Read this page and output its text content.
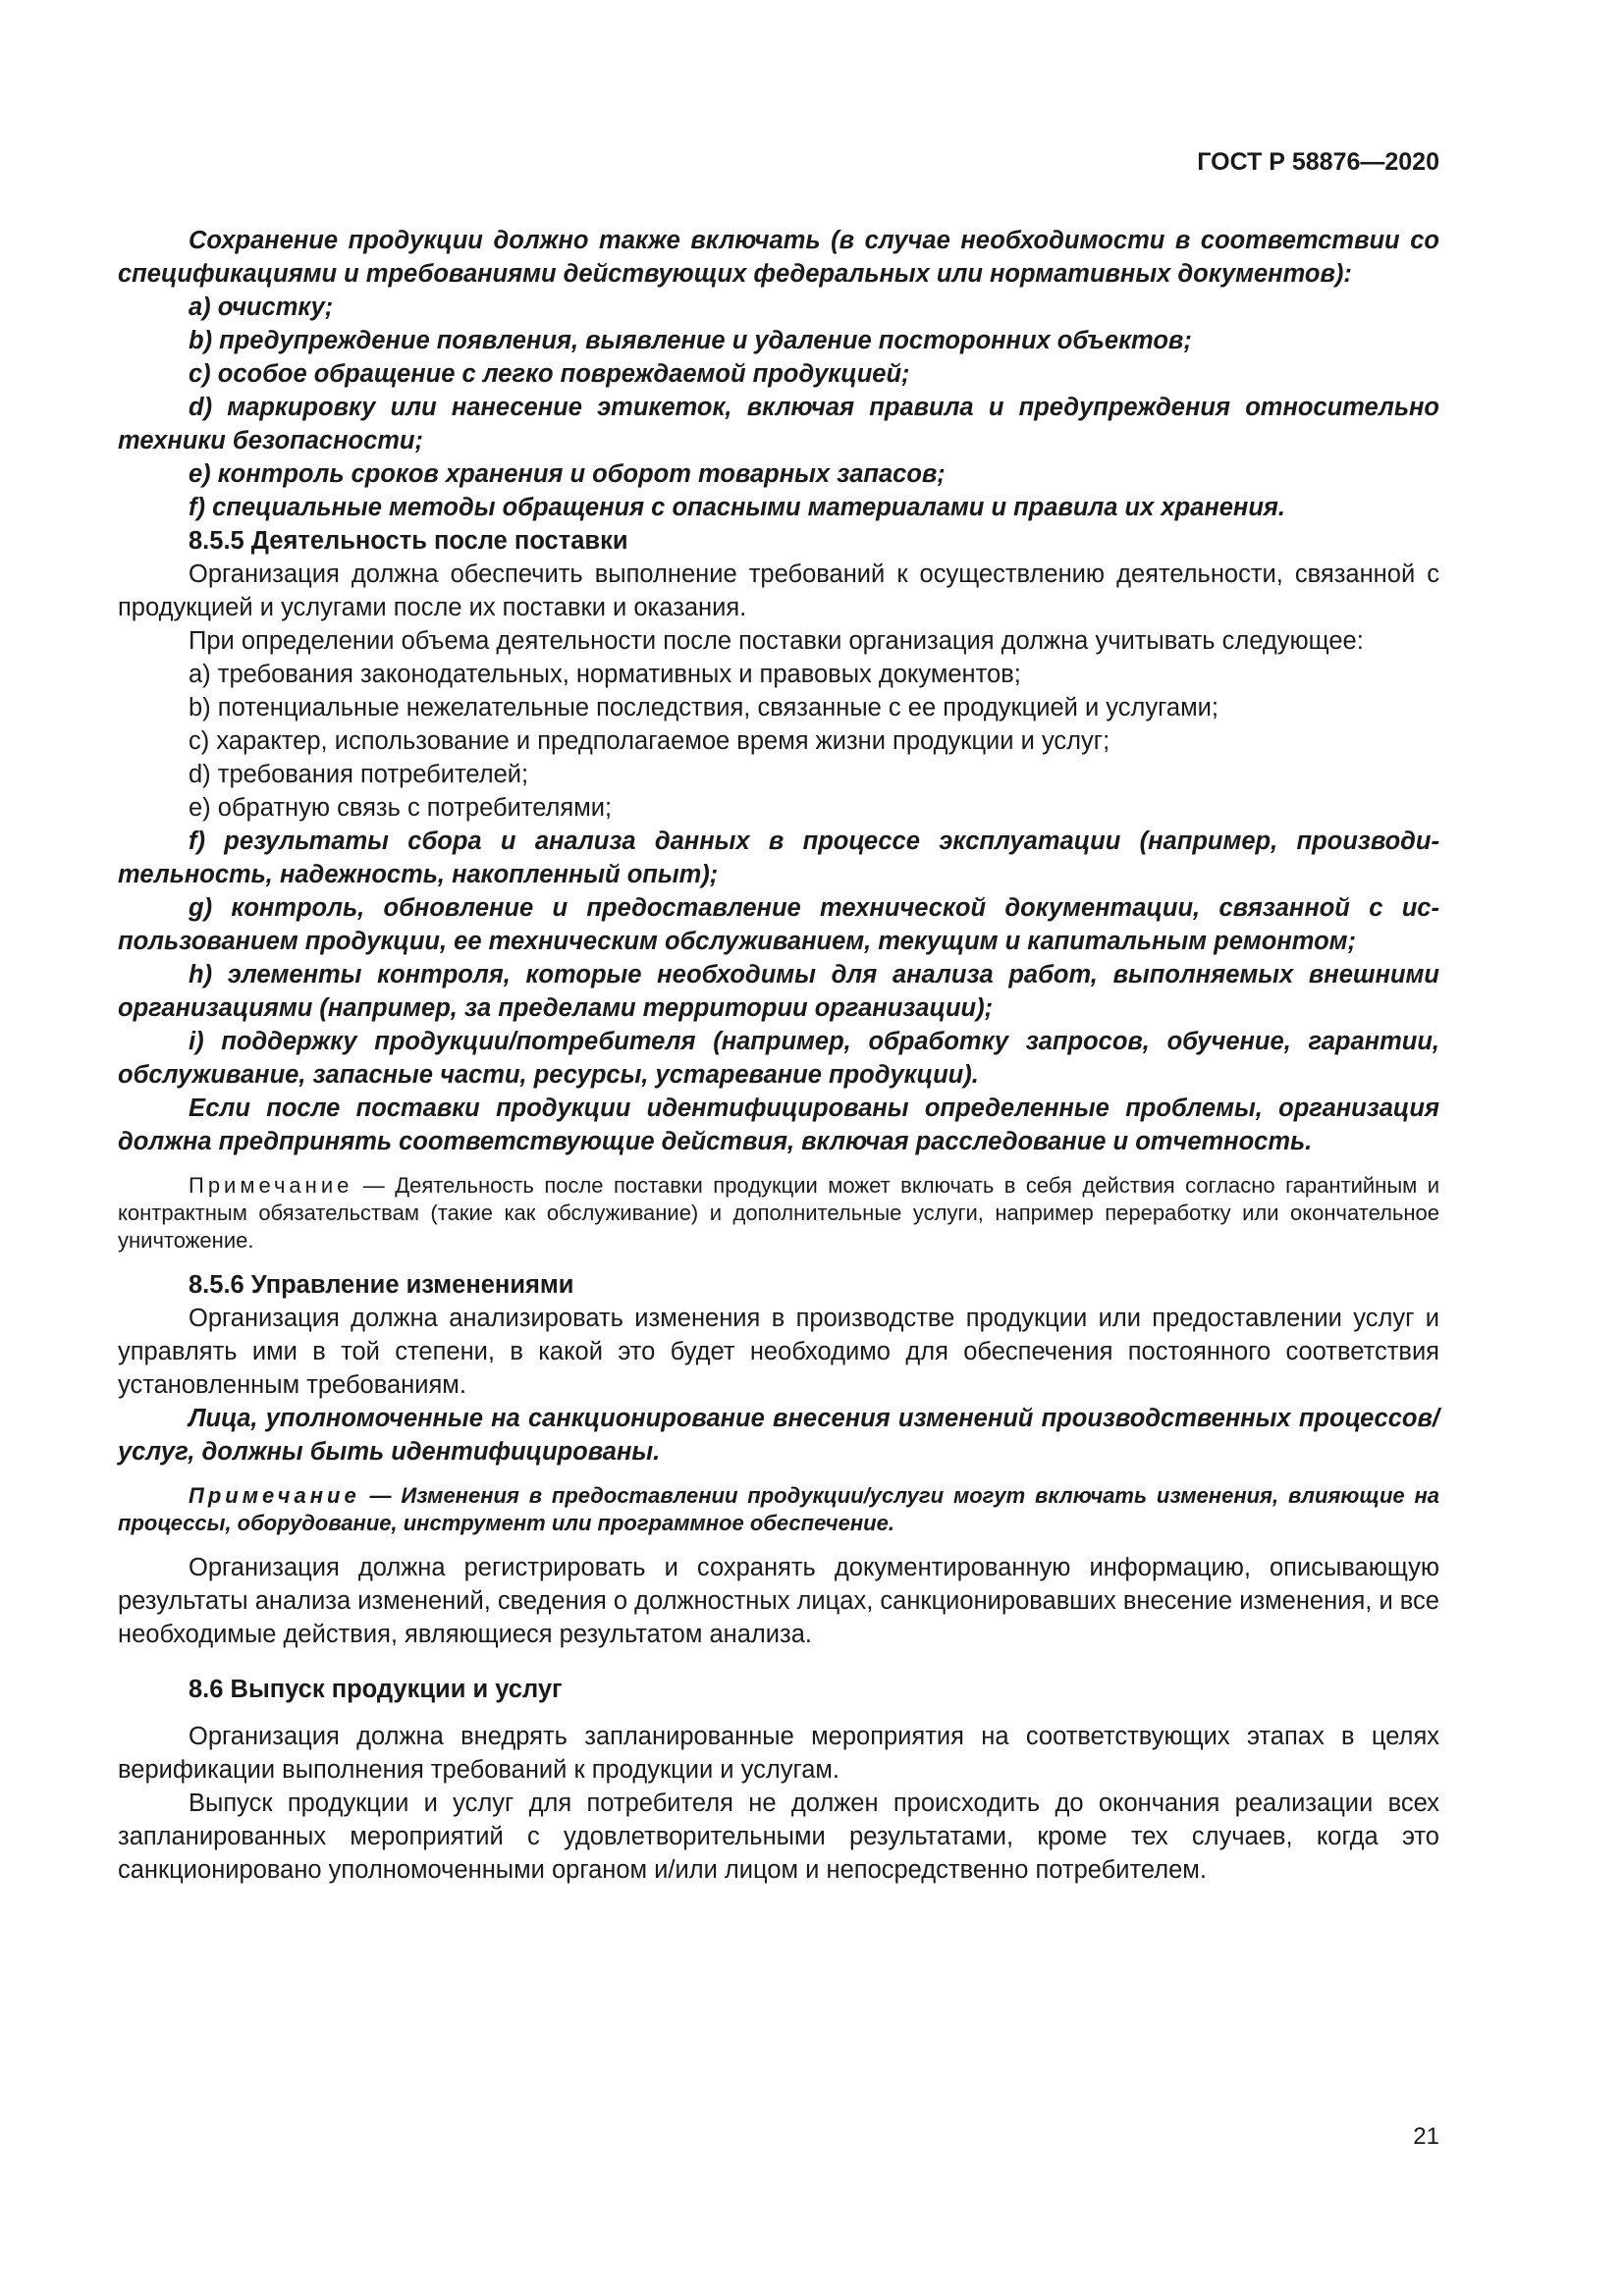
ГОСТ Р 58876—2020

Сохранение продукции должно также включать (в случае необходимости в соответствии со спецификациями и требованиями действующих федеральных или нормативных документов):

a) очистку;

b) предупреждение появления, выявление и удаление посторонних объектов;

c) особое обращение с легко повреждаемой продукцией;

d) маркировку или нанесение этикеток, включая правила и предупреждения относительно техники безопасности;

e) контроль сроков хранения и оборот товарных запасов;

f) специальные методы обращения с опасными материалами и правила их хранения.

8.5.5 Деятельность после поставки

Организация должна обеспечить выполнение требований к осуществлению деятельности, связанной с продукцией и услугами после их поставки и оказания.

При определении объема деятельности после поставки организация должна учитывать следующее:

a) требования законодательных, нормативных и правовых документов;

b) потенциальные нежелательные последствия, связанные с ее продукцией и услугами;

c) характер, использование и предполагаемое время жизни продукции и услуг;

d) требования потребителей;

e) обратную связь с потребителями;

f) результаты сбора и анализа данных в процессе эксплуатации (например, производительность, надежность, накопленный опыт);

g) контроль, обновление и предоставление технической документации, связанной с использованием продукции, ее техническим обслуживанием, текущим и капитальным ремонтом;

h) элементы контроля, которые необходимы для анализа работ, выполняемых внешними организациями (например, за пределами территории организации);

i) поддержку продукции/потребителя (например, обработку запросов, обучение, гарантии, обслуживание, запасные части, ресурсы, устаревание продукции).

Если после поставки продукции идентифицированы определенные проблемы, организация должна предпринять соответствующие действия, включая расследование и отчетность.

Примечание — Деятельность после поставки продукции может включать в себя действия согласно гарантийным и контрактным обязательствам (такие как обслуживание) и дополнительные услуги, например переработку или окончательное уничтожение.

8.5.6 Управление изменениями

Организация должна анализировать изменения в производстве продукции или предоставлении услуг и управлять ими в той степени, в какой это будет необходимо для обеспечения постоянного соответствия установленным требованиям.

Лица, уполномоченные на санкционирование внесения изменений производственных процессов/услуг, должны быть идентифицированы.

Примечание — Изменения в предоставлении продукции/услуги могут включать изменения, влияющие на процессы, оборудование, инструмент или программное обеспечение.

Организация должна регистрировать и сохранять документированную информацию, описывающую результаты анализа изменений, сведения о должностных лицах, санкционировавших внесение изменения, и все необходимые действия, являющиеся результатом анализа.

8.6 Выпуск продукции и услуг

Организация должна внедрять запланированные мероприятия на соответствующих этапах в целях верификации выполнения требований к продукции и услугам.

Выпуск продукции и услуг для потребителя не должен происходить до окончания реализации всех запланированных мероприятий с удовлетворительными результатами, кроме тех случаев, когда это санкционировано уполномоченными органом и/или лицом и непосредственно потребителем.

21
